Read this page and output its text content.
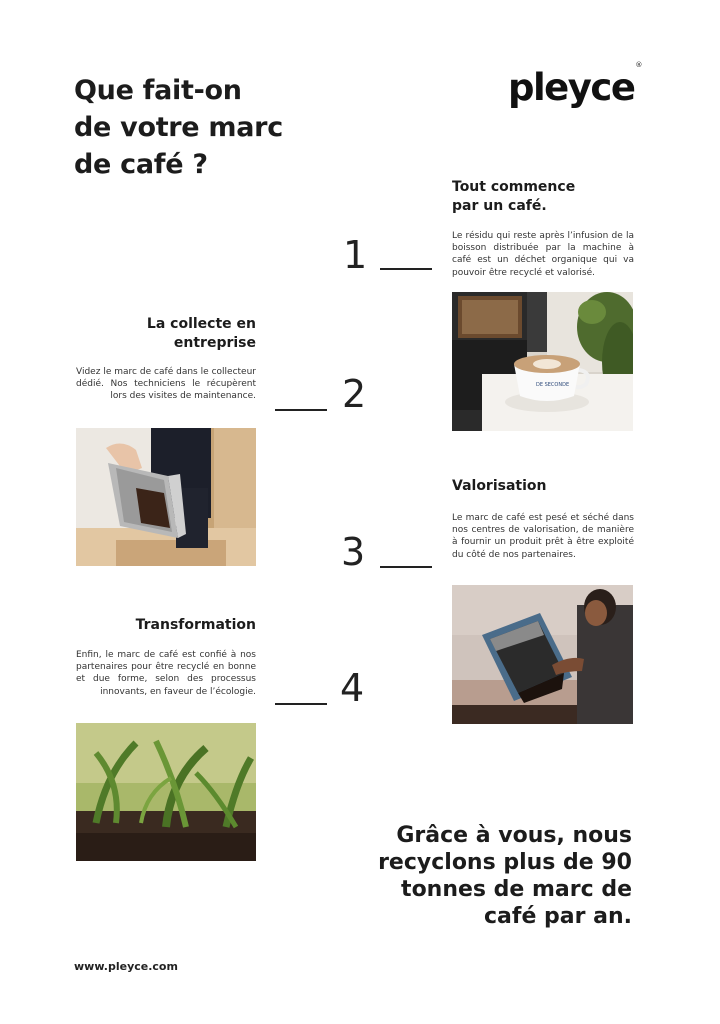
Que fait-on
de votre marc
de café ?
pleyce®
Tout commence
par un café.
Le résidu qui reste après l’infusion de la boisson distribuée par la machine à café est un déchet organique qui va pouvoir être recyclé et valorisé.
1
DE SECONDE
La collecte en
entreprise
Videz le marc de café dans le collecteur dédié. Nos techniciens le récupèrent lors des visites de maintenance. 2
Valorisation
Le marc de café est pesé et séché dans nos centres de valorisation, de manière à fournir un produit prêt à être exploité du côté de nos partenaires.
3
Transformation
Enfin, le marc de café est confié à nos partenaires pour être recyclé en bonne et due forme, selon des processus innovants, en faveur de l’écologie. 4
Grâce à vous, nous
recyclons plus de 90
tonnes de marc de
café par an.
www.pleyce.com
